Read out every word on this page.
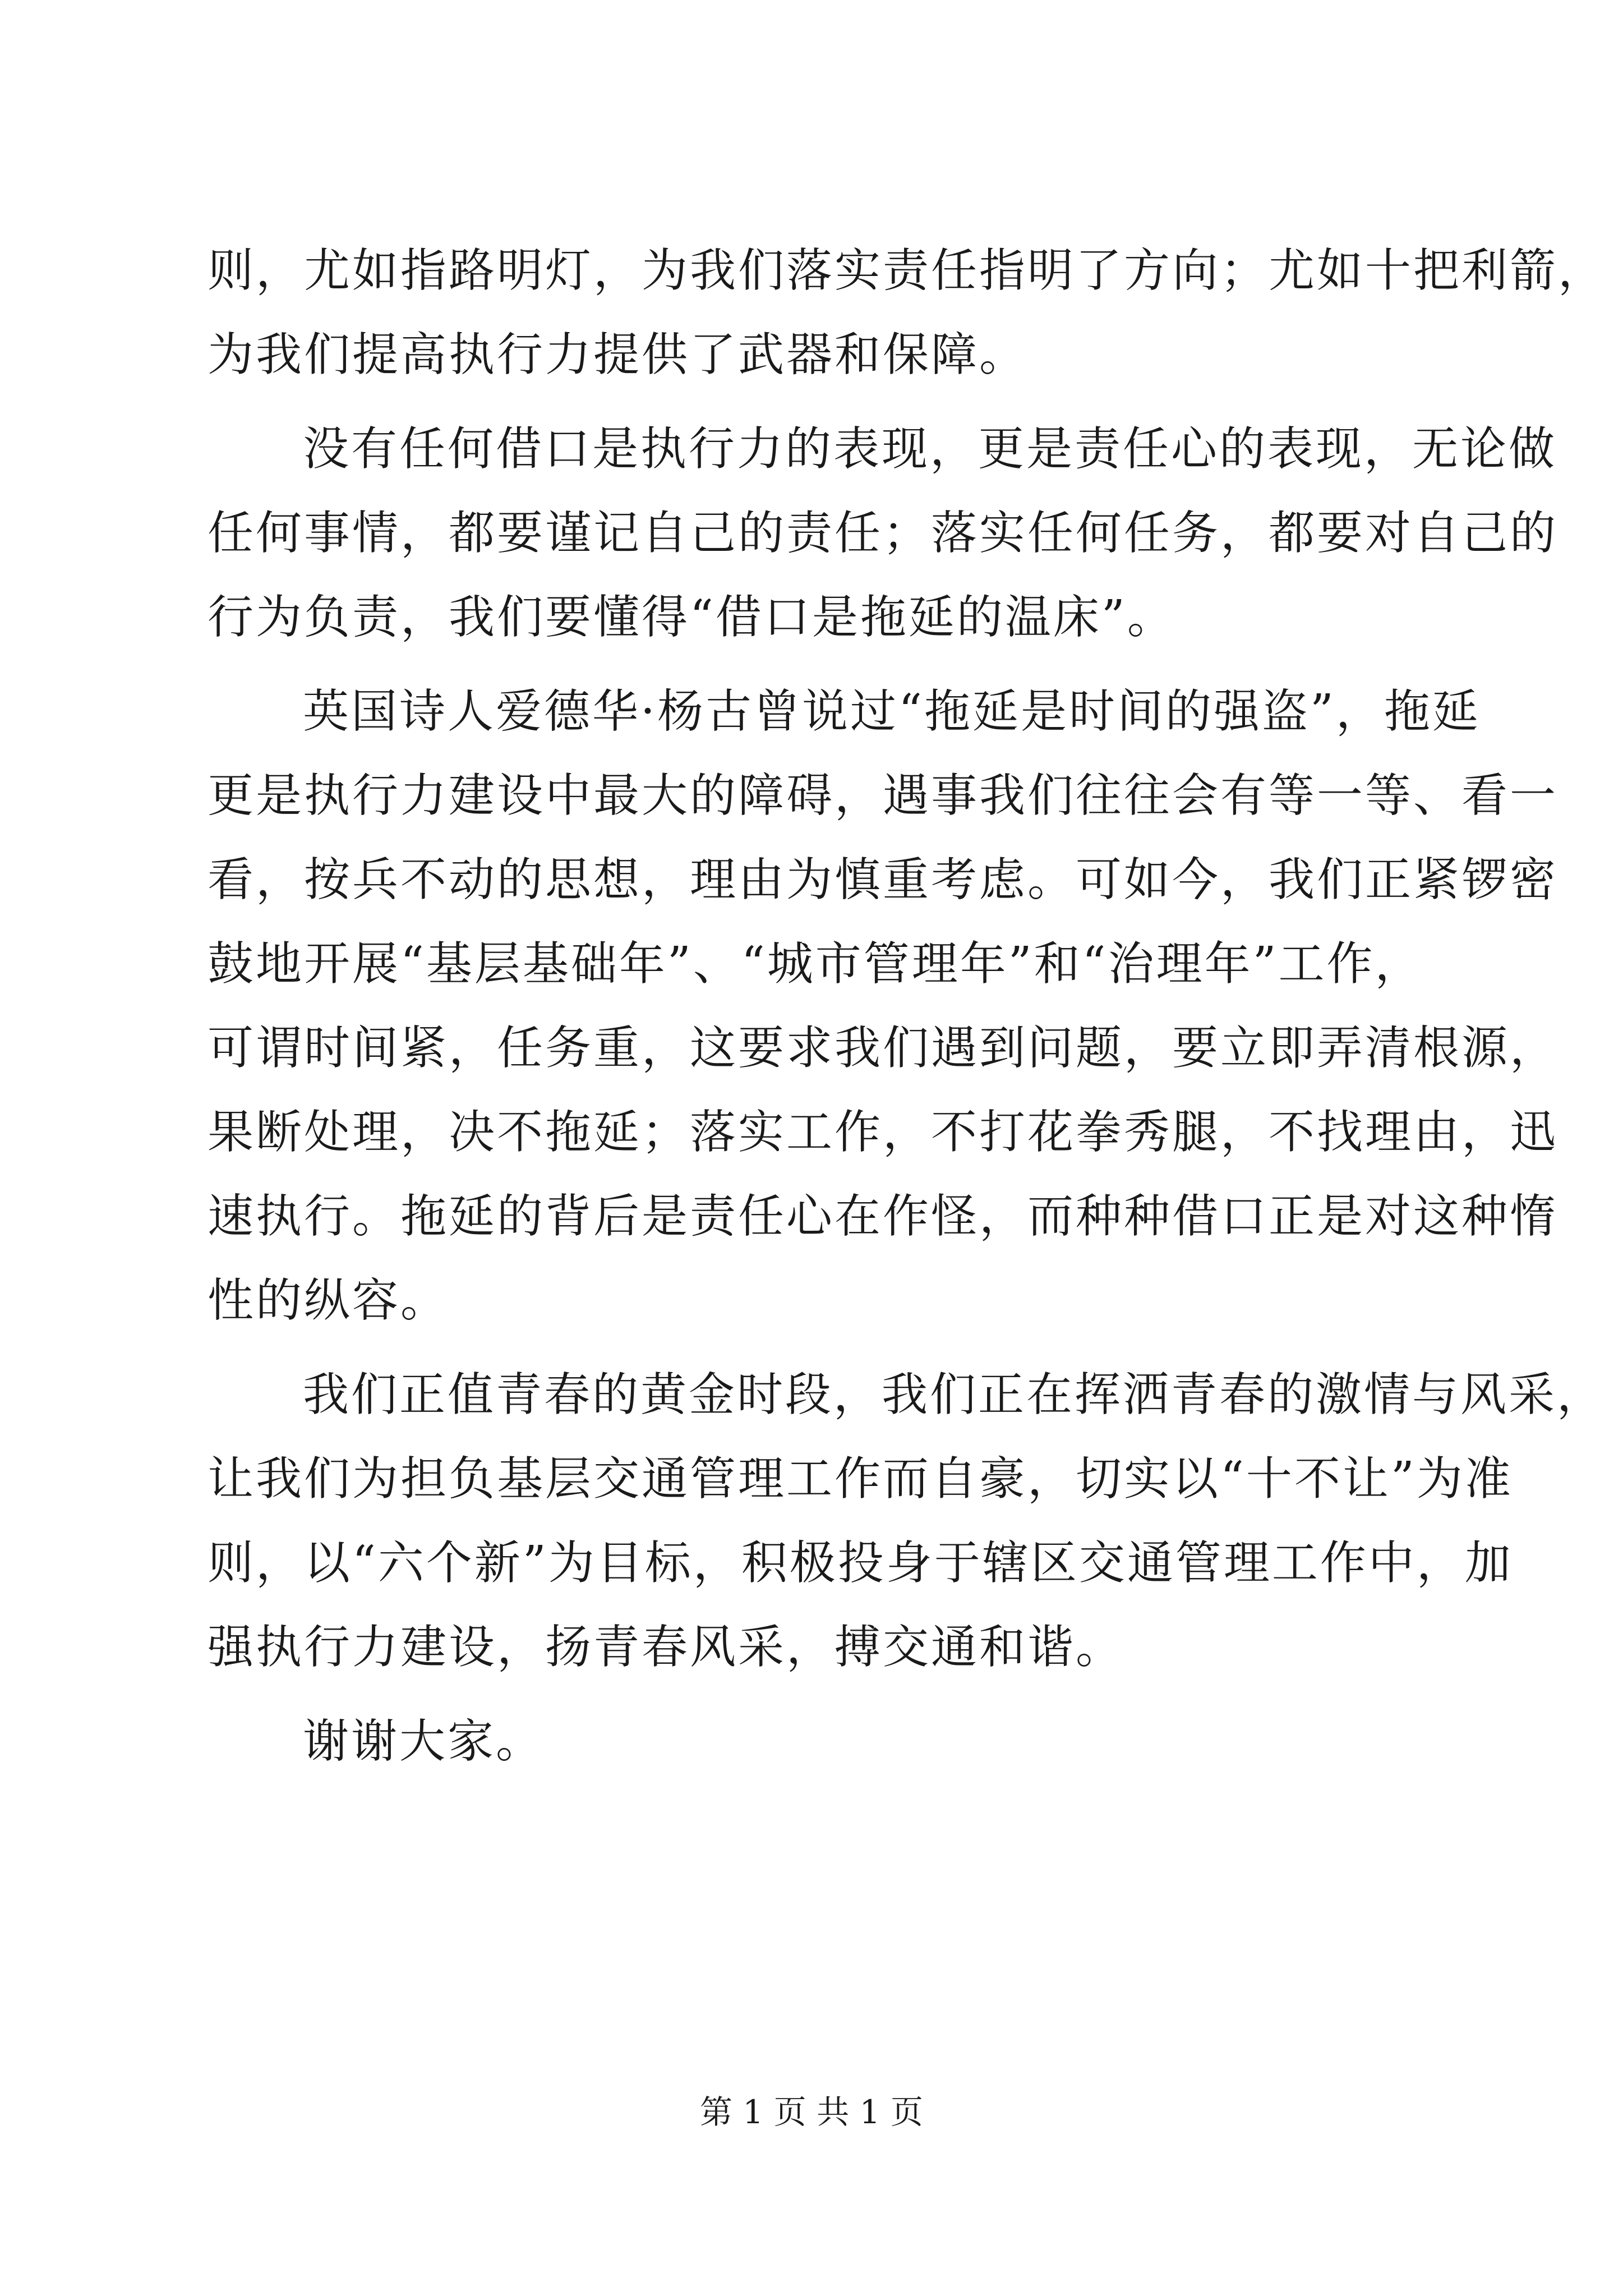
则，尤如指路明灯，为我们落实责任指明了方向；尤如十把利箭，
为我们提高执行力提供了武器和保障。
没有任何借口是执行力的表现，更是责任心的表现，无论做
任何事情，都要谨记自己的责任；落实任何任务，都要对自己的
行为负责，我们要懂得“借口是拖延的温床”。
英国诗人爱德华·杨古曾说过“拖延是时间的强盗”，拖延
更是执行力建设中最大的障碍，遇事我们往往会有等一等、看一
看，按兵不动的思想，理由为慎重考虑。可如今，我们正紧锣密
鼓地开展“基层基础年”、“城市管理年”和“治理年”工作，
可谓时间紧，任务重，这要求我们遇到问题，要立即弄清根源，
果断处理，决不拖延；落实工作，不打花拳秀腿，不找理由，迅
速执行。拖延的背后是责任心在作怪，而种种借口正是对这种惰
性的纵容。
我们正值青春的黄金时段，我们正在挥洒青春的激情与风采，
让我们为担负基层交通管理工作而自豪，切实以“十不让”为准
则，以“六个新”为目标，积极投身于辖区交通管理工作中，加
强执行力建设，扬青春风采，搏交通和谐。
谢谢大家。
第 1 页 共 1 页
